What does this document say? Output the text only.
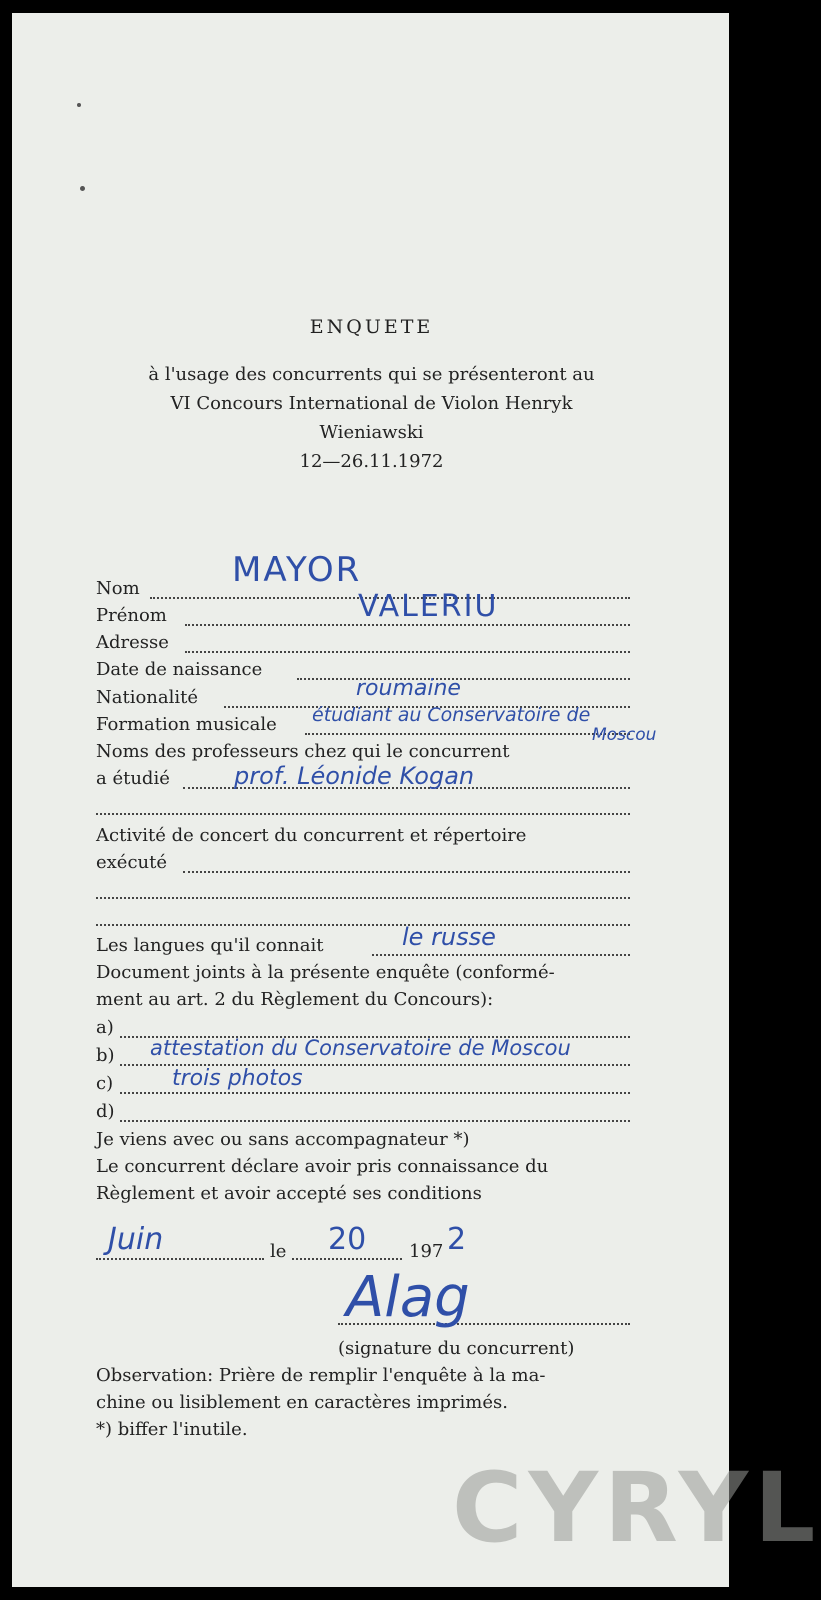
ENQUETE
à l'usage des concurrents qui se présenteront au
VI Concours International de Violon Henryk
Wieniawski
12—26.11.1972
Nom	MAYOR
Prénom	VALERIU
Adresse
Date de naissance
Nationalité	roumaine
Formation musicale étudiant au Conservatoire de
Moscou
Noms des professeurs chez qui le concurrent
a étudié	prof. Léonide Kogan
Activité de concert du concurrent et répertoire
exécuté
Les langues qu'il connait	le russe
Document joints à la présente enquête (conformé-
ment au art. 2 du Règlement du Concours):
a)
b) attestation du Conservatoire de Moscou
c)	trois photos
d)
Je viens avec ou sans accompagnateur *)
Le concurrent déclare avoir pris connaissance du
Règlement et avoir accepté ses conditions
Juin	le 20 197 2
Alag
(signature du concurrent)
Observation: Prière de remplir l'enquête à la ma-
chine ou lisiblement en caractères imprimés.
*) biffer l'inutile.
CYRYL
